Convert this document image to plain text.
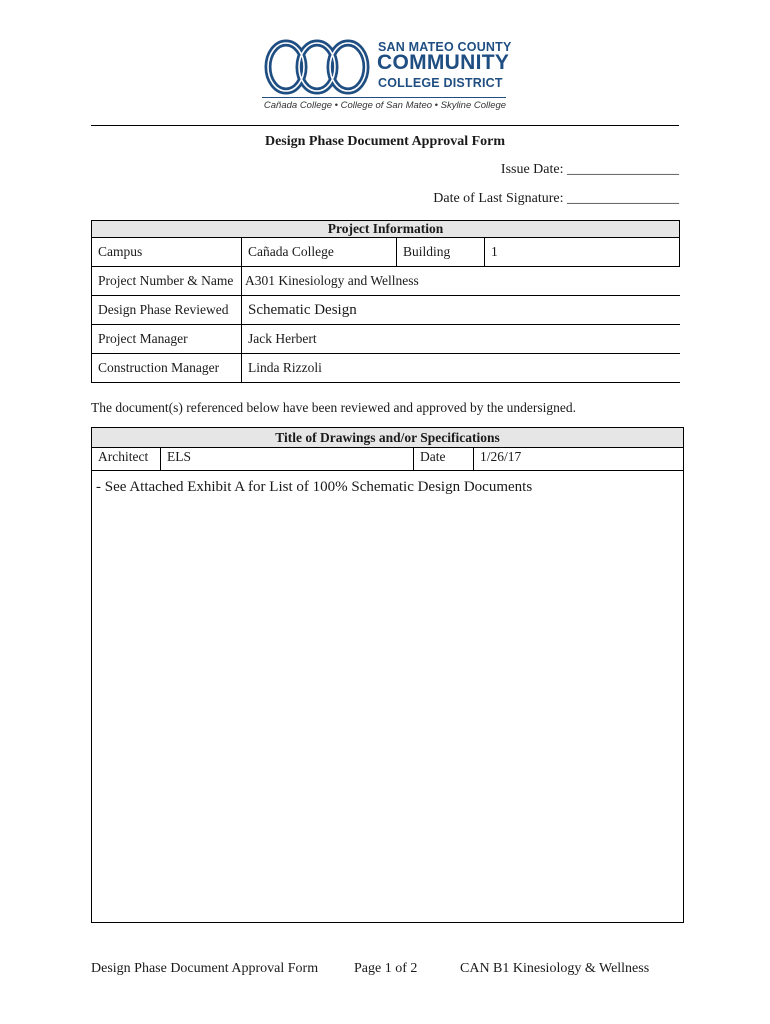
SAN MATEO COUNTY
COMMUNITY
COLLEGE DISTRICT
Cañada College • College of San Mateo • Skyline College
Design Phase Document Approval Form
Issue Date: ________________
Date of Last Signature: ________________
Project Information			
Campus	Cañada College	Building	1
Project Number & Name	A301 Kinesiology and Wellness		
Design Phase Reviewed	Schematic Design		
Project Manager	Jack Herbert		
Construction Manager	Linda Rizzoli		
The document(s) referenced below have been reviewed and approved by the undersigned.
Title of Drawings and/or Specifications
Architect	ELS	Date	1/26/17
- See Attached Exhibit A for List of 100% Schematic Design Documents
Design Phase Document Approval Form	Page 1 of 2	CAN B1 Kinesiology & Wellness
